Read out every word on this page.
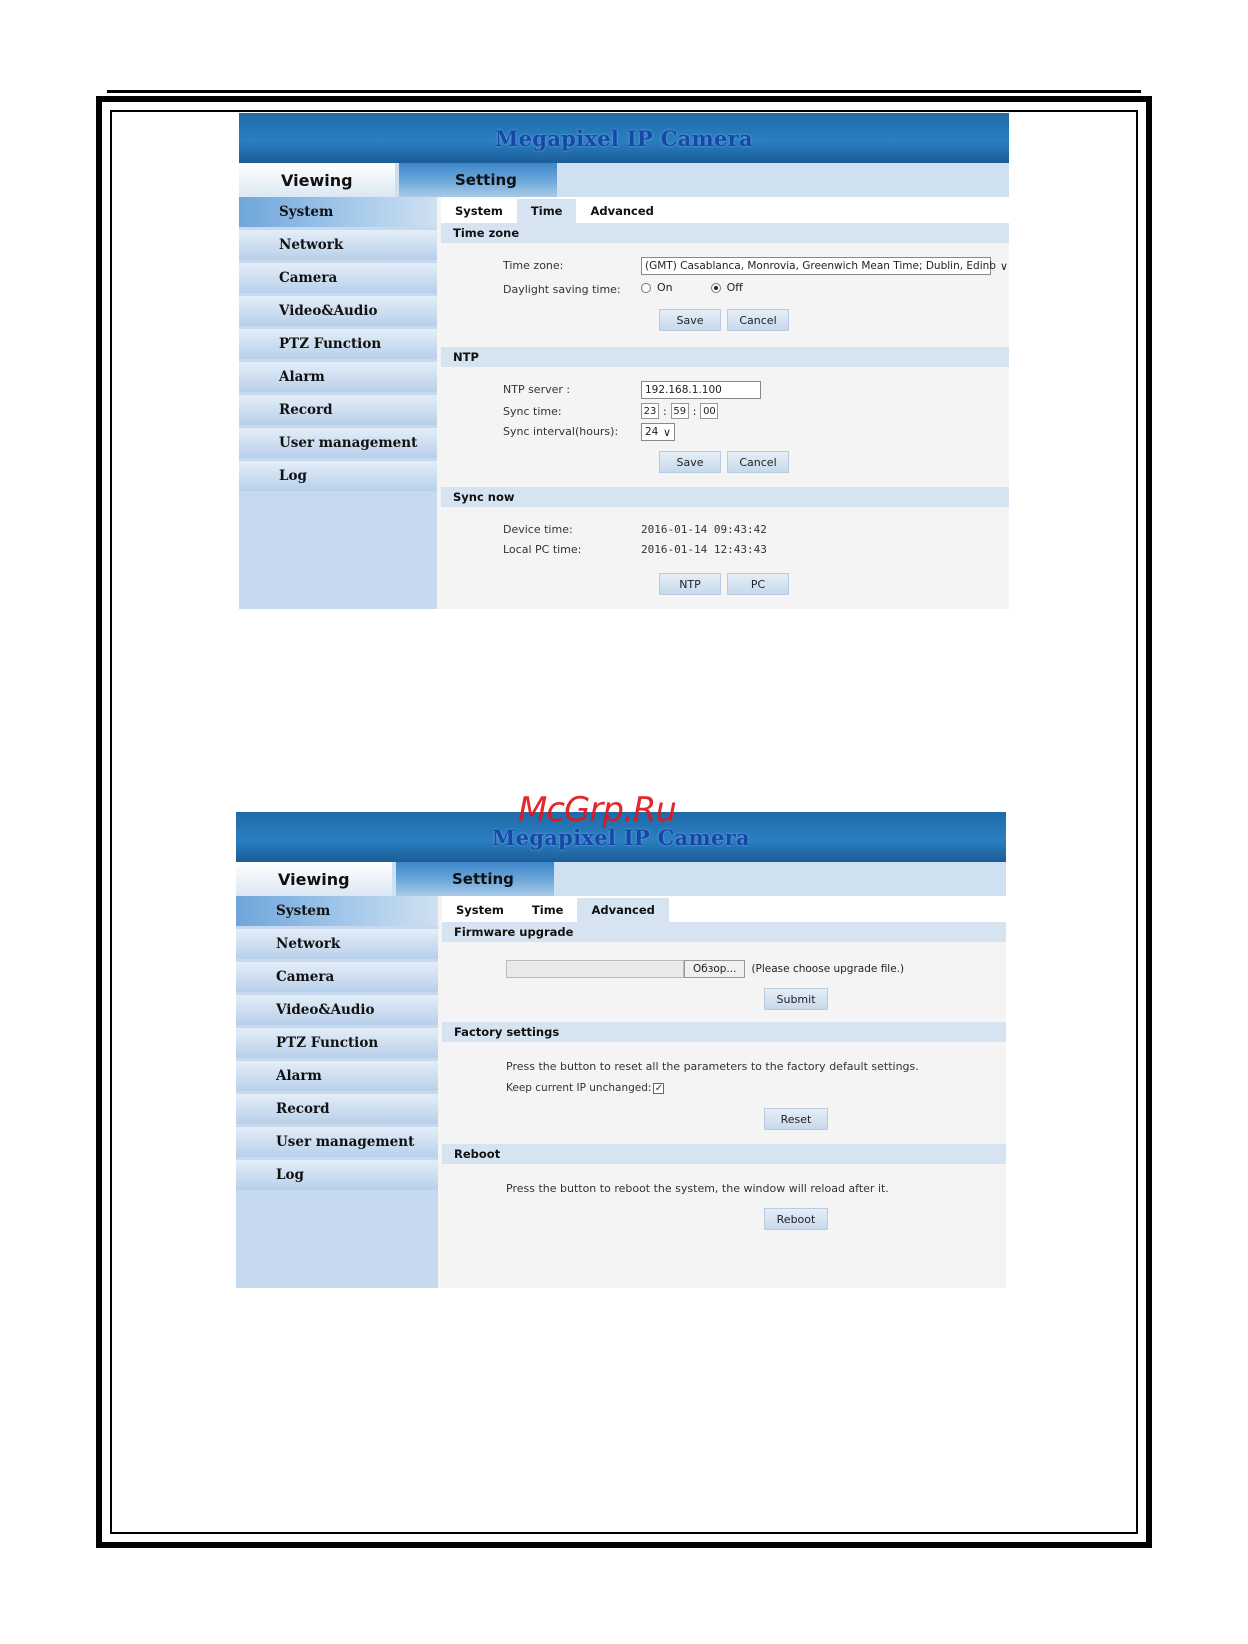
Megapixel IP Camera
Viewing	Setting
System
Network
Camera
Video&Audio
PTZ Function
Alarm
Record
User management
Log
System	Time	Advanced
Time zone
Time zone:	(GMT) Casablanca, Monrovia, Greenwich Mean Time; Dublin, Edinb ∨
Daylight saving time:	On	Off
Save	Cancel
NTP
NTP server :	192.168.1.100
Sync time:	23 : 59 : 00
Sync interval(hours):	24 ∨
Save	Cancel
Sync now
Device time:	2016-01-14 09:43:42
Local PC time:	2016-01-14 12:43:43
NTP	PC
Megapixel IP Camera
Viewing	Setting
System
Network
Camera
Video&Audio
PTZ Function
Alarm
Record
User management
Log
System	Time	Advanced
Firmware upgrade
Обзор...	(Please choose upgrade file.)
Submit
Factory settings
Press the button to reset all the parameters to the factory default settings.
Keep current IP unchanged: ✓
Reset
Reboot
Press the button to reboot the system, the window will reload after it.
Reboot
McGrp.Ru
